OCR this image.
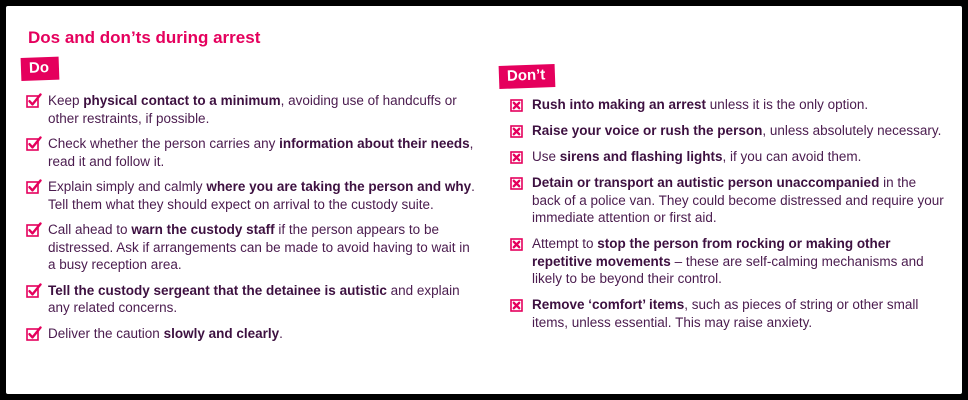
Dos and don’ts during arrest
Do
Keep physical contact to a minimum, avoiding use of handcuffs or other restraints, if possible.
Check whether the person carries any information about their needs, read it and follow it.
Explain simply and calmly where you are taking the person and why. Tell them what they should expect on arrival to the custody suite.
Call ahead to warn the custody staff if the person appears to be distressed. Ask if arrangements can be made to avoid having to wait in a busy reception area.
Tell the custody sergeant that the detainee is autistic and explain any related concerns.
Deliver the caution slowly and clearly.
Don’t
Rush into making an arrest unless it is the only option.
Raise your voice or rush the person, unless absolutely necessary.
Use sirens and flashing lights, if you can avoid them.
Detain or transport an autistic person unaccompanied in the back of a police van. They could become distressed and require your immediate attention or first aid.
Attempt to stop the person from rocking or making other repetitive movements – these are self-calming mechanisms and likely to be beyond their control.
Remove ‘comfort’ items, such as pieces of string or other small items, unless essential. This may raise anxiety.
